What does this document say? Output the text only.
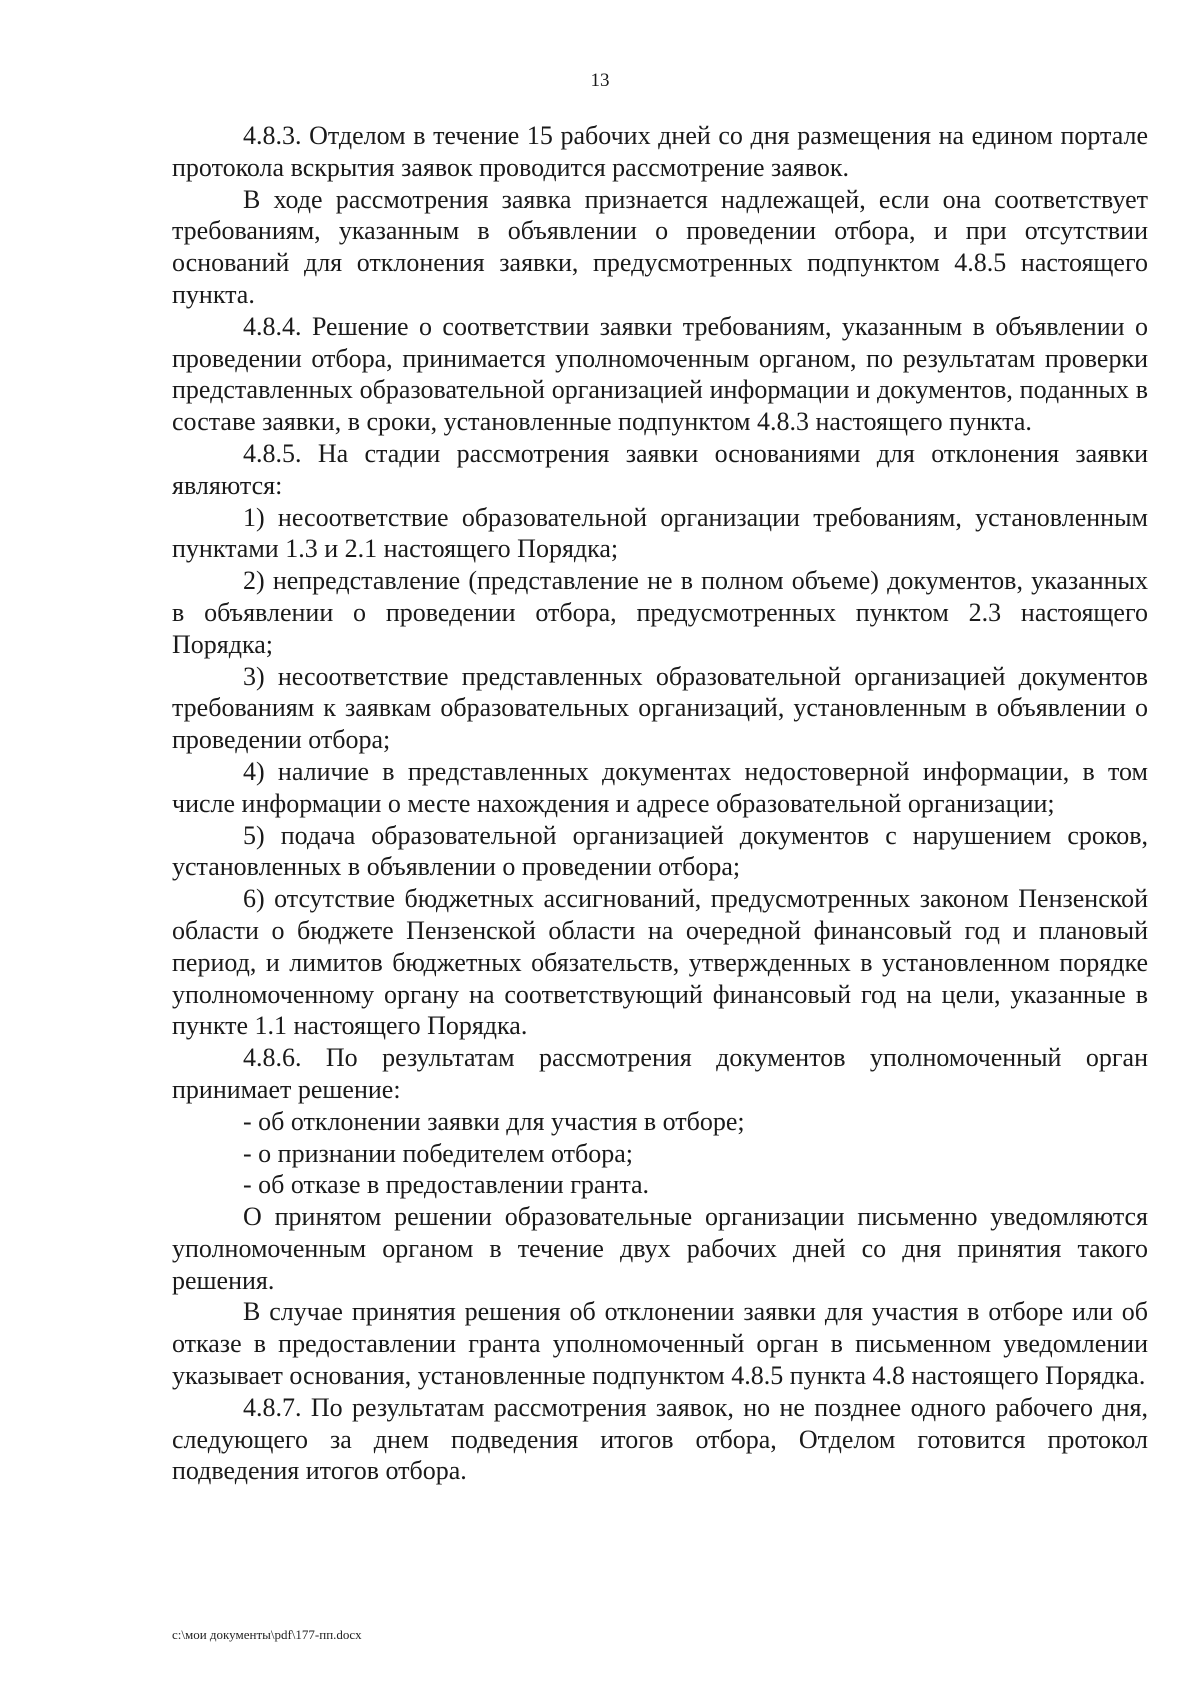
13

4.8.3. Отделом в течение 15 рабочих дней со дня размещения на едином портале протокола вскрытия заявок проводится рассмотрение заявок.

В ходе рассмотрения заявка признается надлежащей, если она соответствует требованиям, указанным в объявлении о проведении отбора, и при отсутствии оснований для отклонения заявки, предусмотренных подпунктом 4.8.5 настоящего пункта.

4.8.4. Решение о соответствии заявки требованиям, указанным в объявлении о проведении отбора, принимается уполномоченным органом, по результатам проверки представленных образовательной организацией информации и документов, поданных в составе заявки, в сроки, установленные подпунктом 4.8.3 настоящего пункта.

4.8.5. На стадии рассмотрения заявки основаниями для отклонения заявки являются:

1) несоответствие образовательной организации требованиям, установленным пунктами 1.3 и 2.1 настоящего Порядка;

2) непредставление (представление не в полном объеме) документов, указанных в объявлении о проведении отбора, предусмотренных пунктом 2.3 настоящего Порядка;

3) несоответствие представленных образовательной организацией документов требованиям к заявкам образовательных организаций, установленным в объявлении о проведении отбора;

4) наличие в представленных документах недостоверной информации, в том числе информации о месте нахождения и адресе образовательной организации;

5) подача образовательной организацией документов с нарушением сроков, установленных в объявлении о проведении отбора;

6) отсутствие бюджетных ассигнований, предусмотренных законом Пензенской области о бюджете Пензенской области на очередной финансовый год и плановый период, и лимитов бюджетных обязательств, утвержденных в установленном порядке уполномоченному органу на соответствующий финансовый год на цели, указанные в пункте 1.1 настоящего Порядка.

4.8.6. По результатам рассмотрения документов уполномоченный орган принимает решение:

- об отклонении заявки для участия в отборе;

- о признании победителем отбора;

- об отказе в предоставлении гранта.

О принятом решении образовательные организации письменно уведомляются уполномоченным органом в течение двух рабочих дней со дня принятия такого решения.

В случае принятия решения об отклонении заявки для участия в отборе или об отказе в предоставлении гранта уполномоченный орган в письменном уведомлении указывает основания, установленные подпунктом 4.8.5 пункта 4.8 настоящего Порядка.

4.8.7. По результатам рассмотрения заявок, но не позднее одного рабочего дня, следующего за днем подведения итогов отбора, Отделом готовится протокол подведения итогов отбора.

c:\мои документы\pdf\177-пп.docx
